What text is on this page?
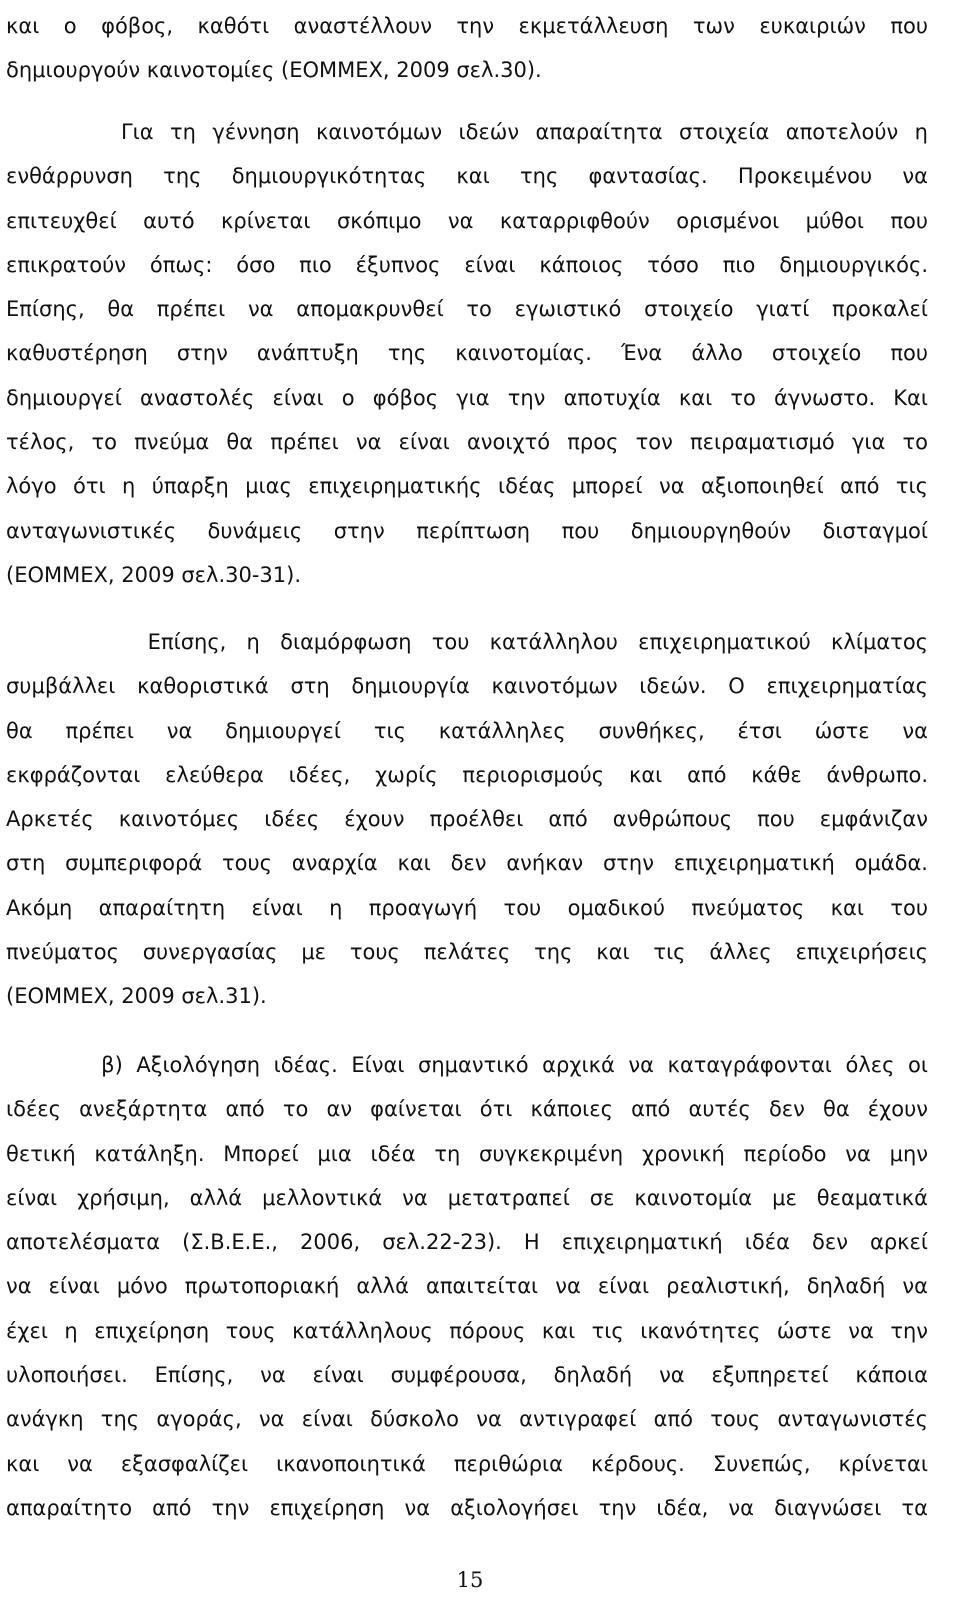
και ο φόβος, καθότι αναστέλλουν την εκμετάλλευση των ευκαιριών που
δημιουργούν καινοτομίες (ΕΟΜΜΕΧ, 2009 σελ.30).

Για τη γέννηση καινοτόμων ιδεών απαραίτητα στοιχεία αποτελούν η
ενθάρρυνση της δημιουργικότητας και της φαντασίας. Προκειμένου να
επιτευχθεί αυτό κρίνεται σκόπιμο να καταρριφθούν ορισμένοι μύθοι που
επικρατούν όπως: όσο πιο έξυπνος είναι κάποιος τόσο πιο δημιουργικός.
Επίσης, θα πρέπει να απομακρυνθεί το εγωιστικό στοιχείο γιατί προκαλεί
καθυστέρηση στην ανάπτυξη της καινοτομίας. Ένα άλλο στοιχείο που
δημιουργεί αναστολές είναι ο φόβος για την αποτυχία και το άγνωστο. Και
τέλος, το πνεύμα θα πρέπει να είναι ανοιχτό προς τον πειραματισμό για το
λόγο ότι η ύπαρξη μιας επιχειρηματικής ιδέας μπορεί να αξιοποιηθεί από τις
ανταγωνιστικές δυνάμεις στην περίπτωση που δημιουργηθούν δισταγμοί
(ΕΟΜΜΕΧ, 2009 σελ.30-31).

Επίσης, η διαμόρφωση του κατάλληλου επιχειρηματικού κλίματος
συμβάλλει καθοριστικά στη δημιουργία καινοτόμων ιδεών. Ο επιχειρηματίας
θα πρέπει να δημιουργεί τις κατάλληλες συνθήκες, έτσι ώστε να
εκφράζονται ελεύθερα ιδέες, χωρίς περιορισμούς και από κάθε άνθρωπο.
Αρκετές καινοτόμες ιδέες έχουν προέλθει από ανθρώπους που εμφάνιζαν
στη συμπεριφορά τους αναρχία και δεν ανήκαν στην επιχειρηματική ομάδα.
Ακόμη απαραίτητη είναι η προαγωγή του ομαδικού πνεύματος και του
πνεύματος συνεργασίας με τους πελάτες της και τις άλλες επιχειρήσεις
(ΕΟΜΜΕΧ, 2009 σελ.31).

β) Αξιολόγηση ιδέας. Είναι σημαντικό αρχικά να καταγράφονται όλες οι
ιδέες ανεξάρτητα από το αν φαίνεται ότι κάποιες από αυτές δεν θα έχουν
θετική κατάληξη. Μπορεί μια ιδέα τη συγκεκριμένη χρονική περίοδο να μην
είναι χρήσιμη, αλλά μελλοντικά να μετατραπεί σε καινοτομία με θεαματικά
αποτελέσματα (Σ.Β.Ε.Ε., 2006, σελ.22-23). Η επιχειρηματική ιδέα δεν αρκεί
να είναι μόνο πρωτοποριακή αλλά απαιτείται να είναι ρεαλιστική, δηλαδή να
έχει η επιχείρηση τους κατάλληλους πόρους και τις ικανότητες ώστε να την
υλοποιήσει. Επίσης, να είναι συμφέρουσα, δηλαδή να εξυπηρετεί κάποια
ανάγκη της αγοράς, να είναι δύσκολο να αντιγραφεί από τους ανταγωνιστές
και να εξασφαλίζει ικανοποιητικά περιθώρια κέρδους. Συνεπώς, κρίνεται
απαραίτητο από την επιχείρηση να αξιολογήσει την ιδέα, να διαγνώσει τα

15
